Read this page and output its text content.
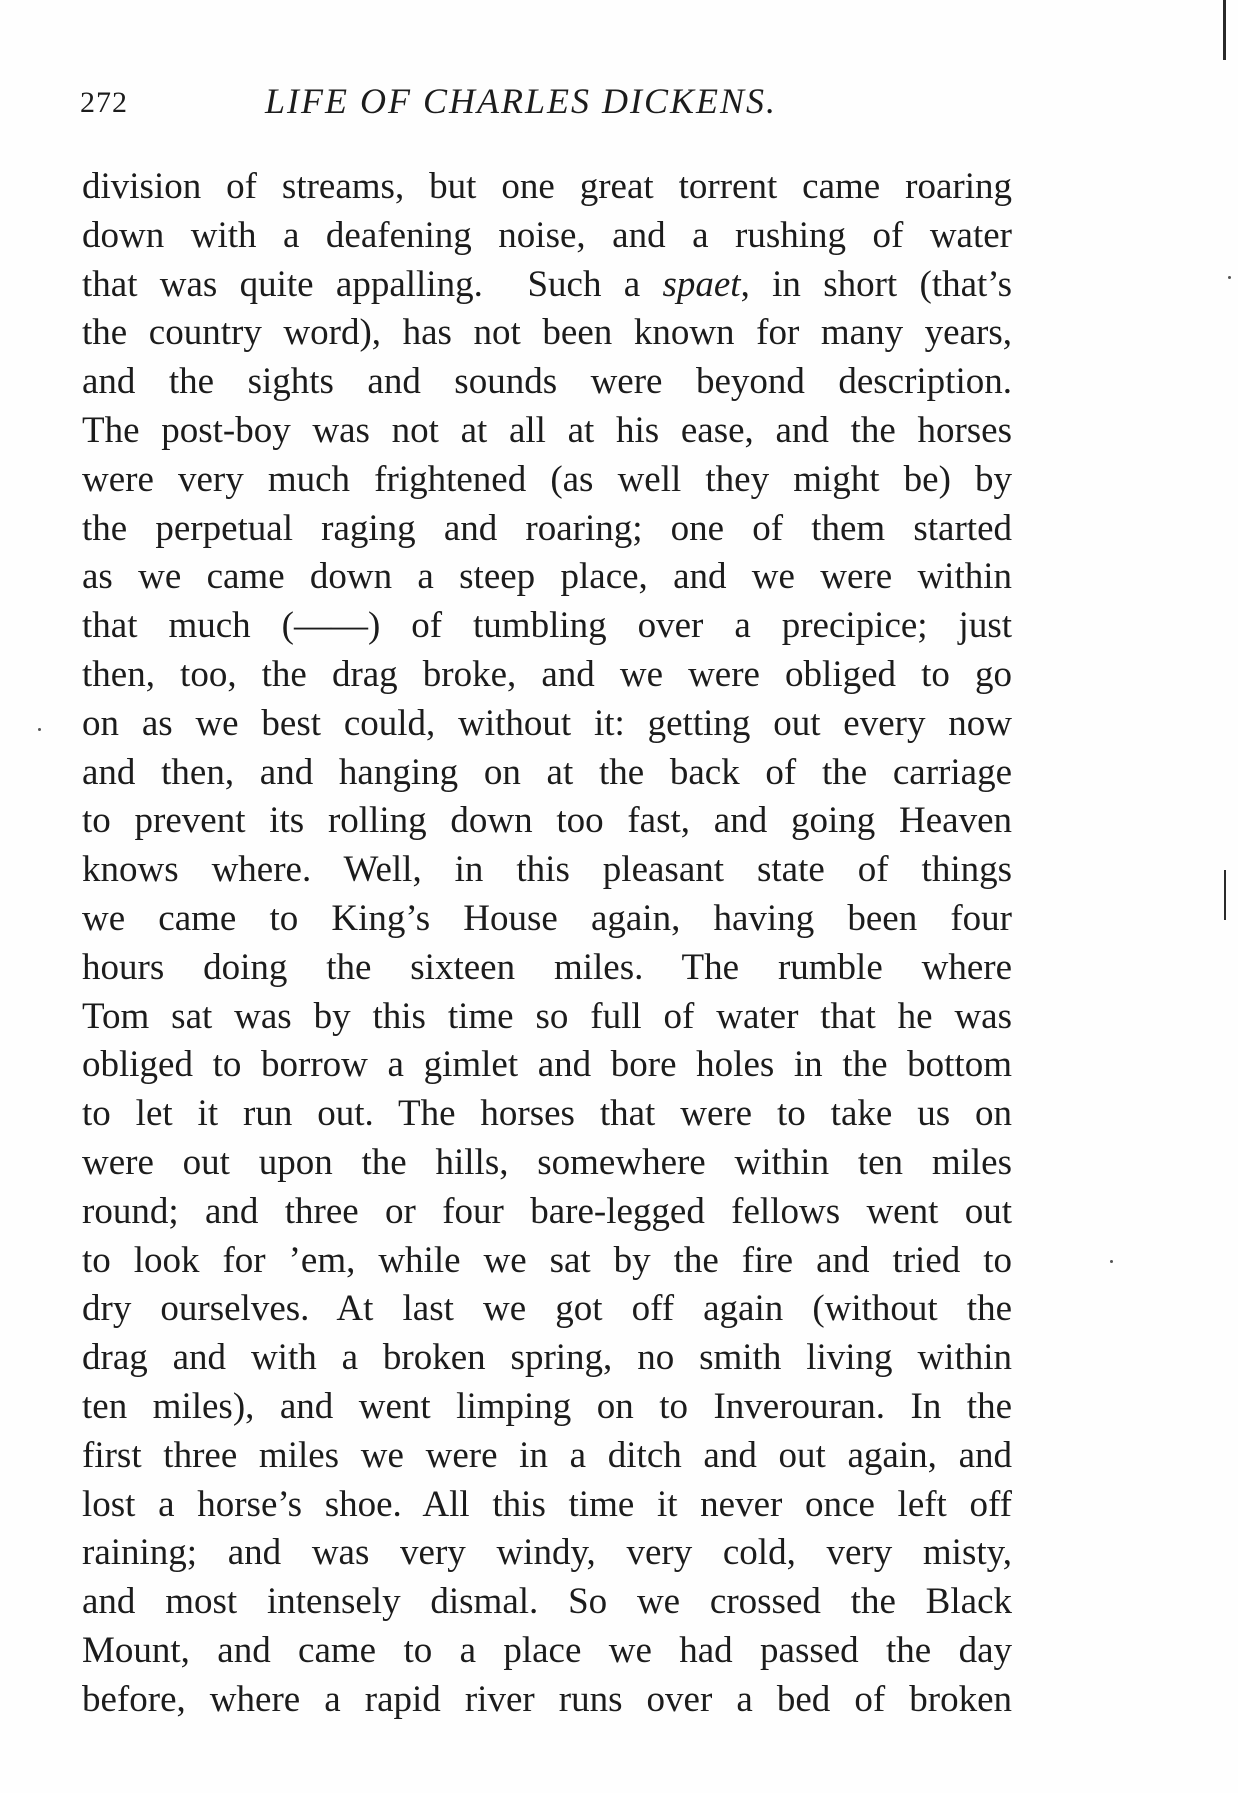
272	LIFE OF CHARLES DICKENS.
division of streams, but one great torrent came roaring
down with a deafening noise, and a rushing of water
that was quite appalling.  Such a spaet, in short (that’s
the country word), has not been known for many years,
and the sights and sounds were beyond description.
The post-boy was not at all at his ease, and the horses
were very much frightened (as well they might be) by
the perpetual raging and roaring; one of them started
as we came down a steep place, and we were within
that much (——) of tumbling over a precipice; just
then, too, the drag broke, and we were obliged to go
on as we best could, without it: getting out every now
and then, and hanging on at the back of the carriage
to prevent its rolling down too fast, and going Heaven
knows where. Well, in this pleasant state of things
we came to King’s House again, having been four
hours doing the sixteen miles. The rumble where
Tom sat was by this time so full of water that he was
obliged to borrow a gimlet and bore holes in the bottom
to let it run out. The horses that were to take us on
were out upon the hills, somewhere within ten miles
round; and three or four bare-legged fellows went out
to look for ’em, while we sat by the fire and tried to
dry ourselves. At last we got off again (without the
drag and with a broken spring, no smith living within
ten miles), and went limping on to Inverouran. In the
first three miles we were in a ditch and out again, and
lost a horse’s shoe. All this time it never once left off
raining; and was very windy, very cold, very misty,
and most intensely dismal. So we crossed the Black
Mount, and came to a place we had passed the day
before, where a rapid river runs over a bed of broken
